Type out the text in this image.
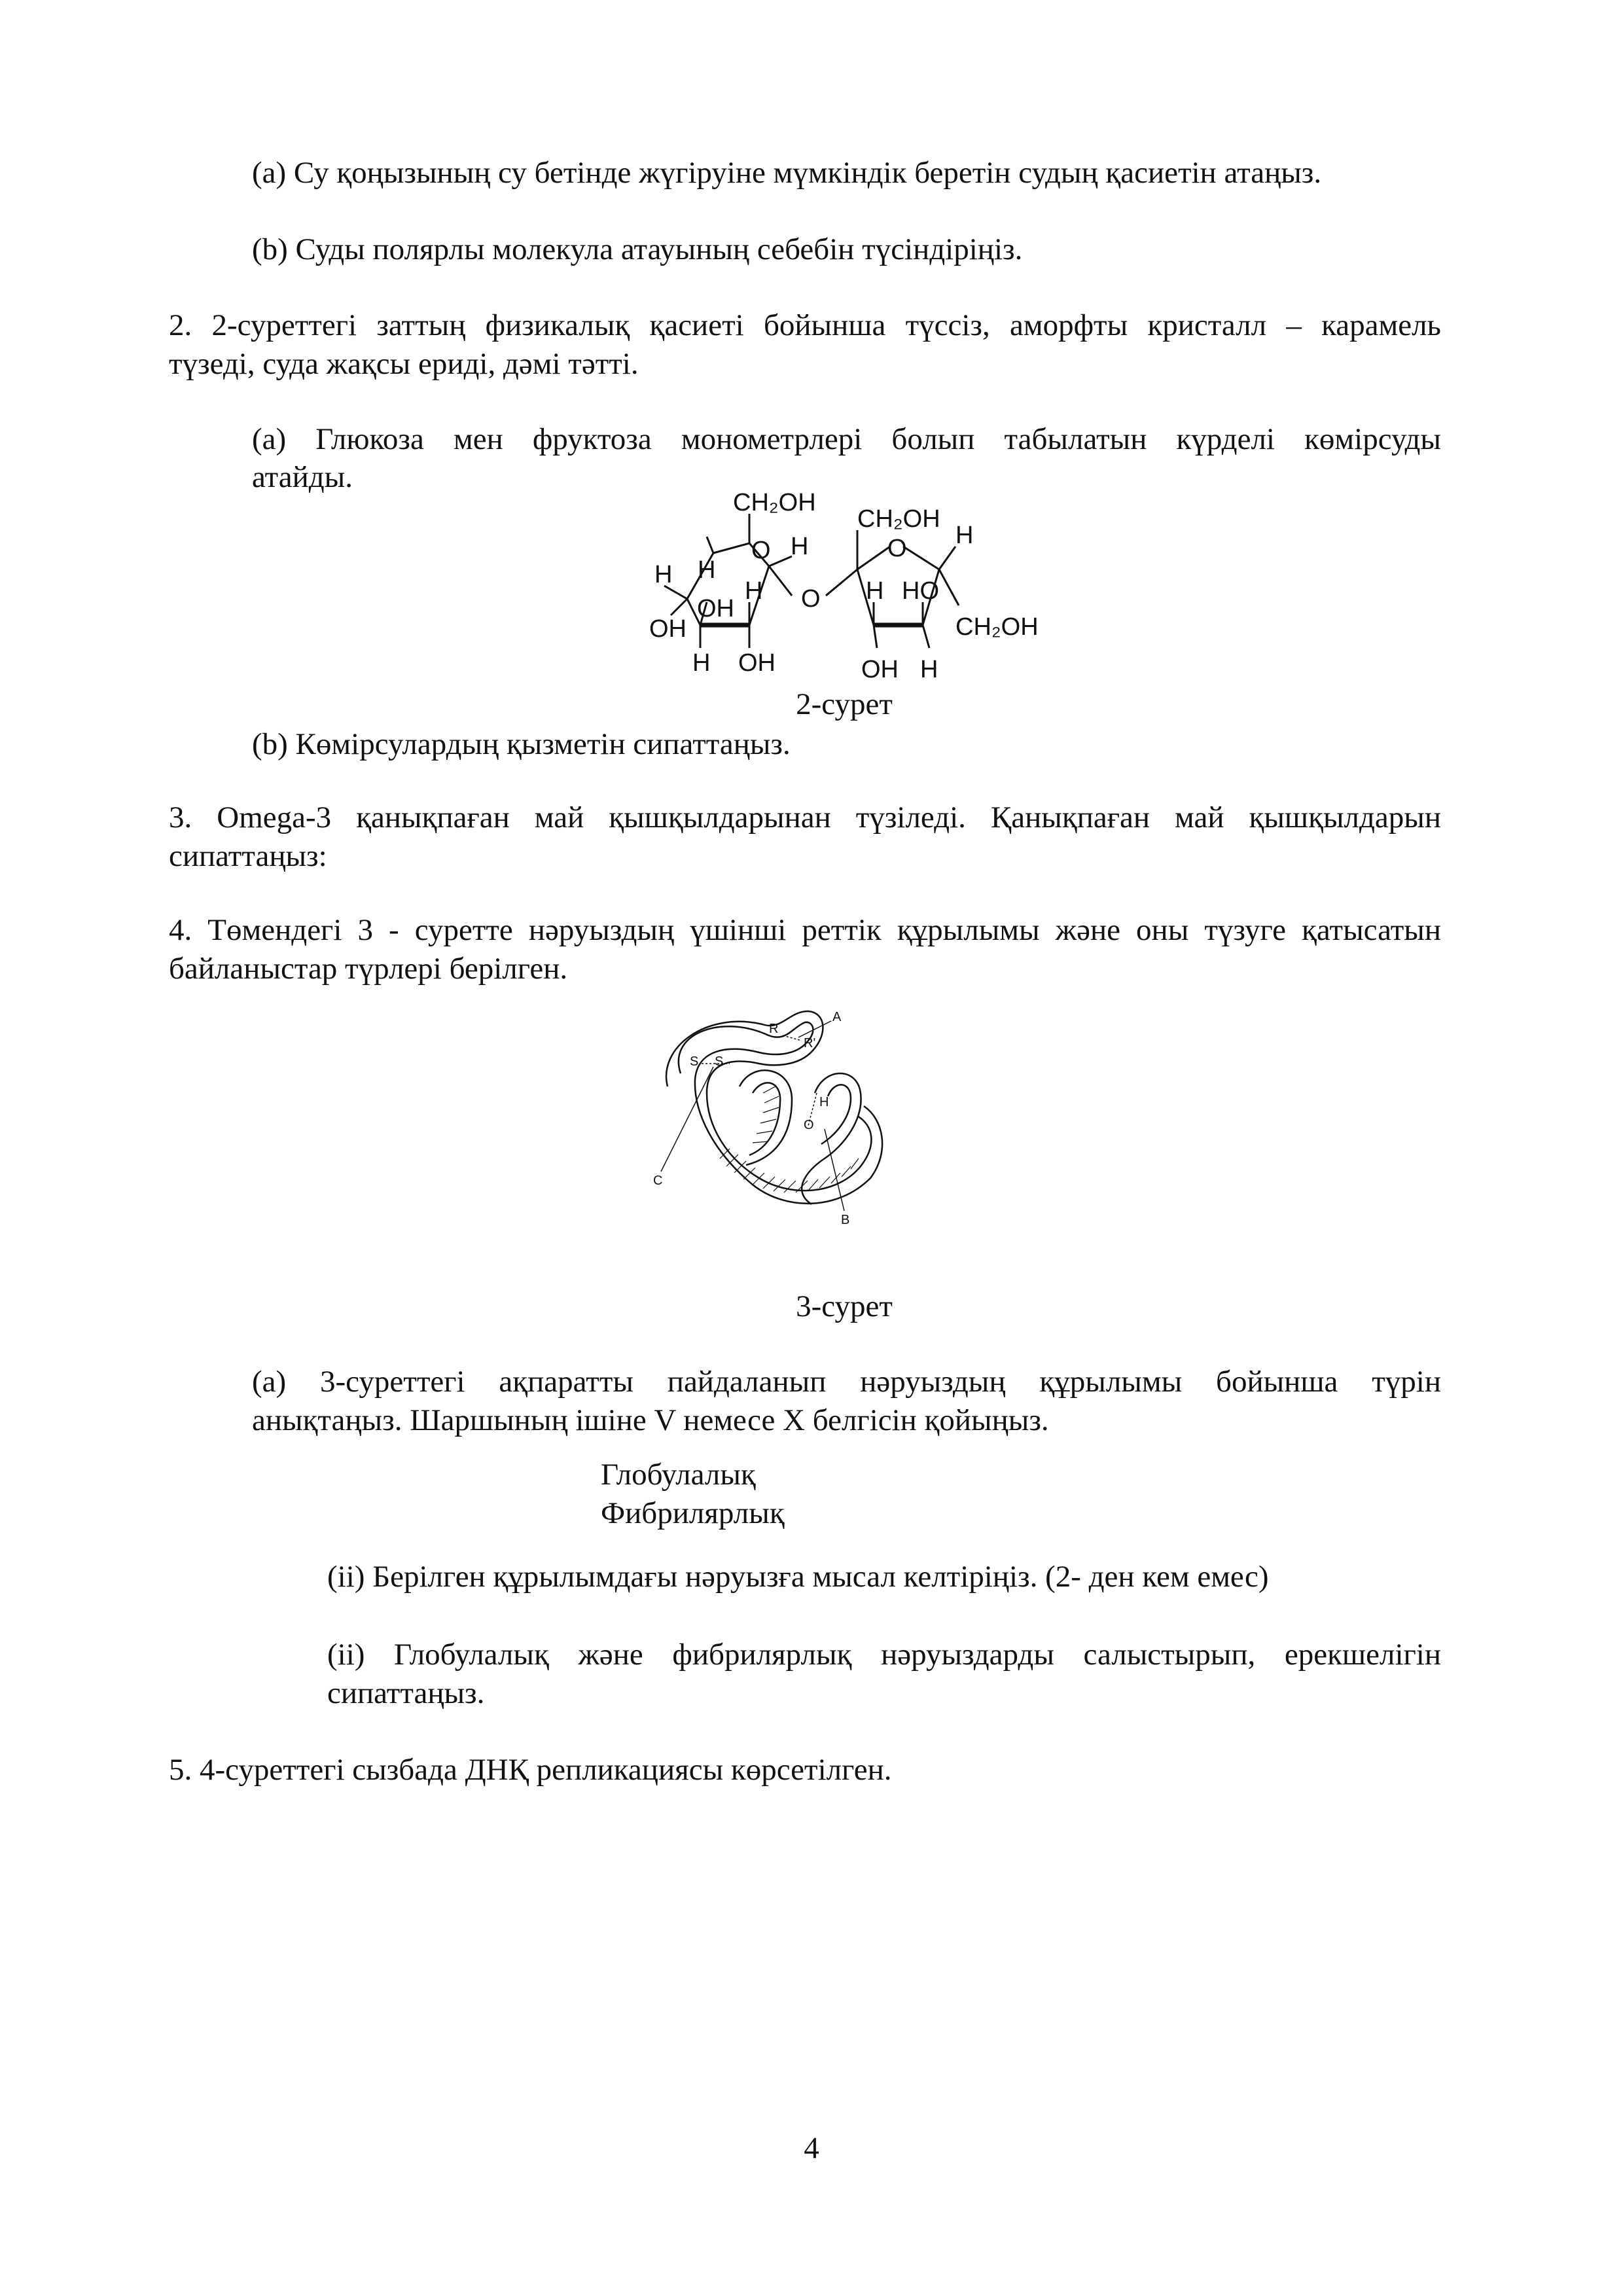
(a) Су қоңызының су бетінде жүгіруіне мүмкіндік беретін судың қасиетін атаңыз.

(b) Суды полярлы молекула атауының себебін түсіндіріңіз.

2. 2-суреттегі заттың физикалық қасиеті бойынша түссіз, аморфты кристалл – карамель

түзеді, суда жақсы ериді, дәмі тәтті.

(a) Глюкоза мен фруктоза монометрлері болып табылатын күрделі көмірсуды

атайды.

CH₂OH
H H
O H
OH
H
OH
H OH
O
CH₂OH
O H
H HO
CH₂OH
OH H
2-сурет

(b) Көмірсулардың қызметін сипаттаңыз.

3. Omega-3 қанықпаған май қышқылдарынан түзіледі. Қанықпаған май қышқылдарын

сипаттаңыз:

4. Төмендегі 3 - суретте нәруыздың үшінші реттік құрылымы және оны түзуге қатысатын

байланыстар түрлері берілген.

R
R'
A
S S
C
H
O
B
3-сурет

(a) 3-суреттегі ақпаратты пайдаланып нәруыздың құрылымы бойынша түрін

анықтаңыз. Шаршының ішіне V немесе X белгісін қойыңыз.

Глобулалық

Фибрилярлық

(ii) Берілген құрылымдағы нәруызға мысал келтіріңіз. (2- ден кем емес)

(ii) Глобулалық және фибрилярлық нәруыздарды салыстырып, ерекшелігін

сипаттаңыз.

5. 4-суреттегі сызбада ДНҚ репликациясы көрсетілген.

4
